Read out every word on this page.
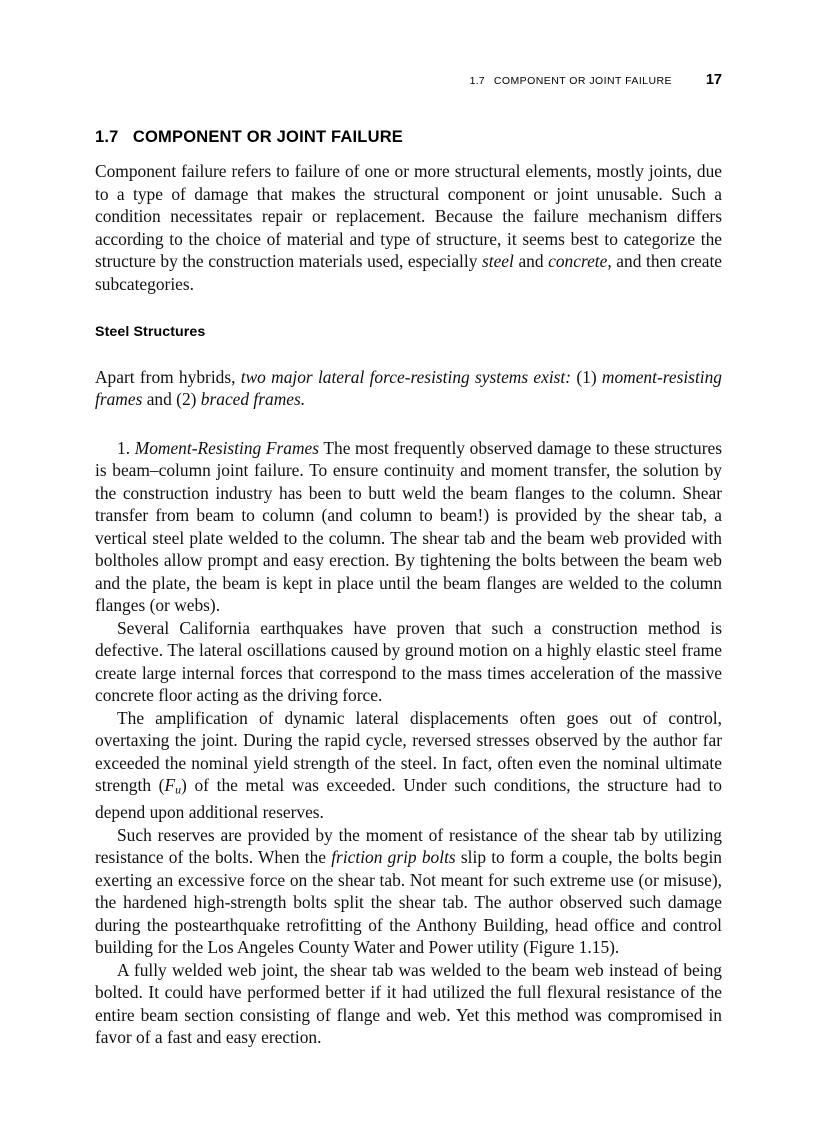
1.7 COMPONENT OR JOINT FAILURE 17
1.7   COMPONENT OR JOINT FAILURE

Component failure refers to failure of one or more structural elements, mostly joints, due to a type of damage that makes the structural component or joint unusable. Such a condition necessitates repair or replacement. Because the failure mechanism differs according to the choice of material and type of structure, it seems best to categorize the structure by the construction materials used, especially steel and concrete, and then create subcategories.

Steel Structures

Apart from hybrids, two major lateral force-resisting systems exist: (1) moment-resisting frames and (2) braced frames.

1. Moment-Resisting Frames The most frequently observed damage to these structures is beam–column joint failure. To ensure continuity and moment transfer, the solution by the construction industry has been to butt weld the beam flanges to the column. Shear transfer from beam to column (and column to beam!) is provided by the shear tab, a vertical steel plate welded to the column. The shear tab and the beam web provided with boltholes allow prompt and easy erection. By tightening the bolts between the beam web and the plate, the beam is kept in place until the beam flanges are welded to the column flanges (or webs).

Several California earthquakes have proven that such a construction method is defective. The lateral oscillations caused by ground motion on a highly elastic steel frame create large internal forces that correspond to the mass times acceleration of the massive concrete floor acting as the driving force.

The amplification of dynamic lateral displacements often goes out of control, overtaxing the joint. During the rapid cycle, reversed stresses observed by the author far exceeded the nominal yield strength of the steel. In fact, often even the nominal ultimate strength $(F_u)$ of the metal was exceeded. Under such conditions, the structure had to depend upon additional reserves.

Such reserves are provided by the moment of resistance of the shear tab by utilizing resistance of the bolts. When the friction grip bolts slip to form a couple, the bolts begin exerting an excessive force on the shear tab. Not meant for such extreme use (or misuse), the hardened high-strength bolts split the shear tab. The author observed such damage during the postearthquake retrofitting of the Anthony Building, head office and control building for the Los Angeles County Water and Power utility (Figure 1.15).

A fully welded web joint, the shear tab was welded to the beam web instead of being bolted. It could have performed better if it had utilized the full flexural resistance of the entire beam section consisting of flange and web. Yet this method was compromised in favor of a fast and easy erection.
